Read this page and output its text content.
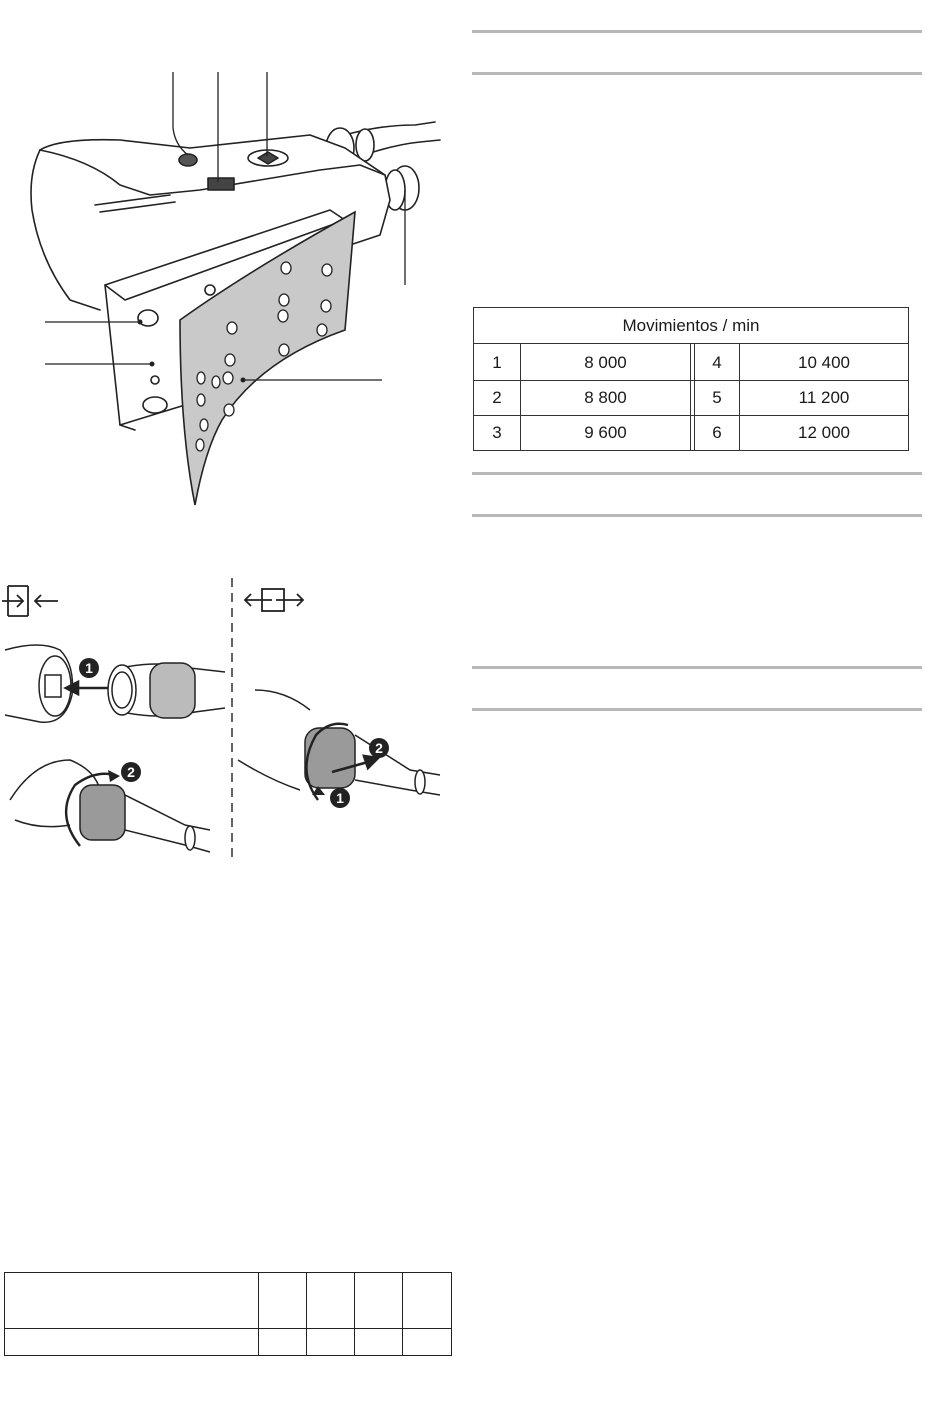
Movimientos / min
1	8 000	4	10 400
2	8 800	5	11 200
3	9 600	6	12 000
1
2
2
1
